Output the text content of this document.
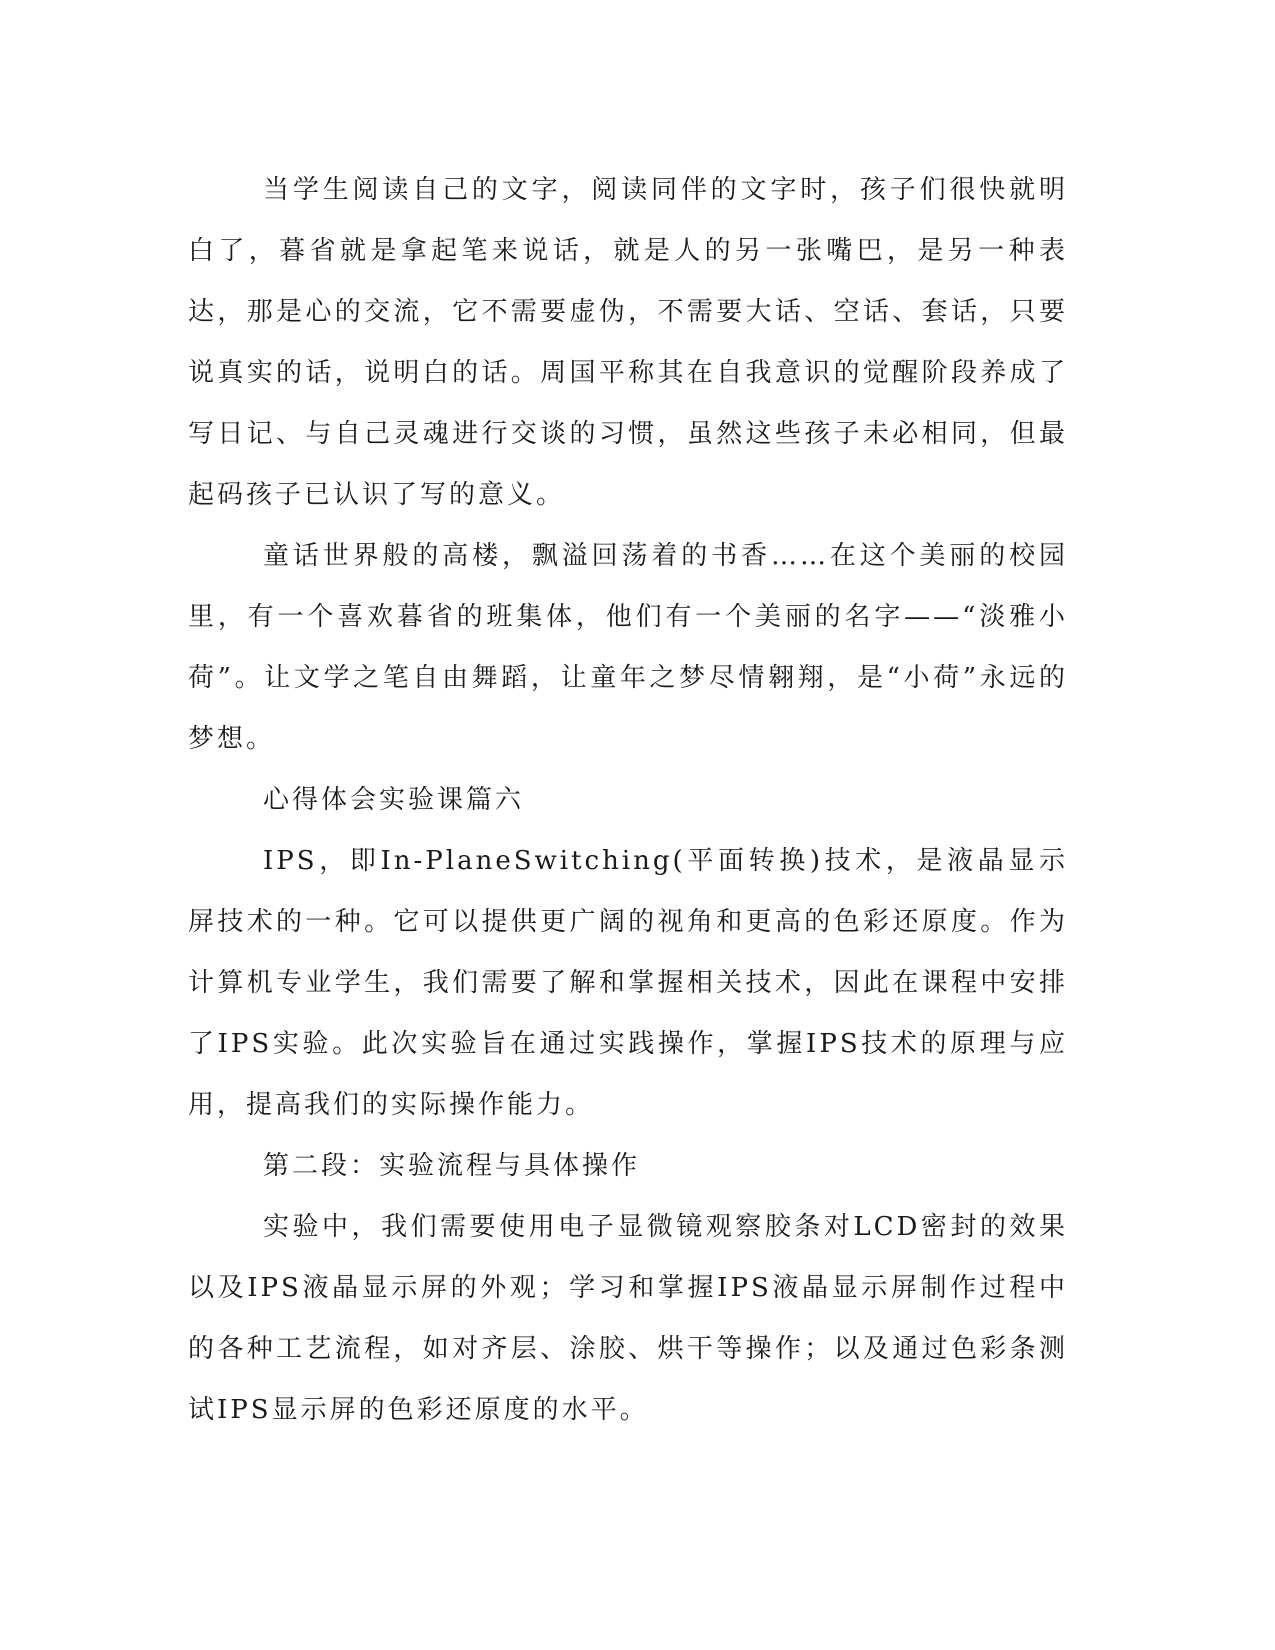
当学生阅读自己的文字，阅读同伴的文字时，孩子们很快就明白了，暮省就是拿起笔来说话，就是人的另一张嘴巴，是另一种表达，那是心的交流，它不需要虚伪，不需要大话、空话、套话，只要说真实的话，说明白的话。周国平称其在自我意识的觉醒阶段养成了写日记、与自己灵魂进行交谈的习惯，虽然这些孩子未必相同，但最起码孩子已认识了写的意义。

童话世界般的高楼，飘溢回荡着的书香……在这个美丽的校园里，有一个喜欢暮省的班集体，他们有一个美丽的名字——“淡雅小荷”。让文学之笔自由舞蹈，让童年之梦尽情翱翔，是“小荷”永远的梦想。

心得体会实验课篇六

IPS，即In-PlaneSwitching(平面转换)技术，是液晶显示屏技术的一种。它可以提供更广阔的视角和更高的色彩还原度。作为计算机专业学生，我们需要了解和掌握相关技术，因此在课程中安排了IPS实验。此次实验旨在通过实践操作，掌握IPS技术的原理与应用，提高我们的实际操作能力。

第二段：实验流程与具体操作

实验中，我们需要使用电子显微镜观察胶条对LCD密封的效果以及IPS液晶显示屏的外观；学习和掌握IPS液晶显示屏制作过程中的各种工艺流程，如对齐层、涂胶、烘干等操作；以及通过色彩条测试IPS显示屏的色彩还原度的水平。
